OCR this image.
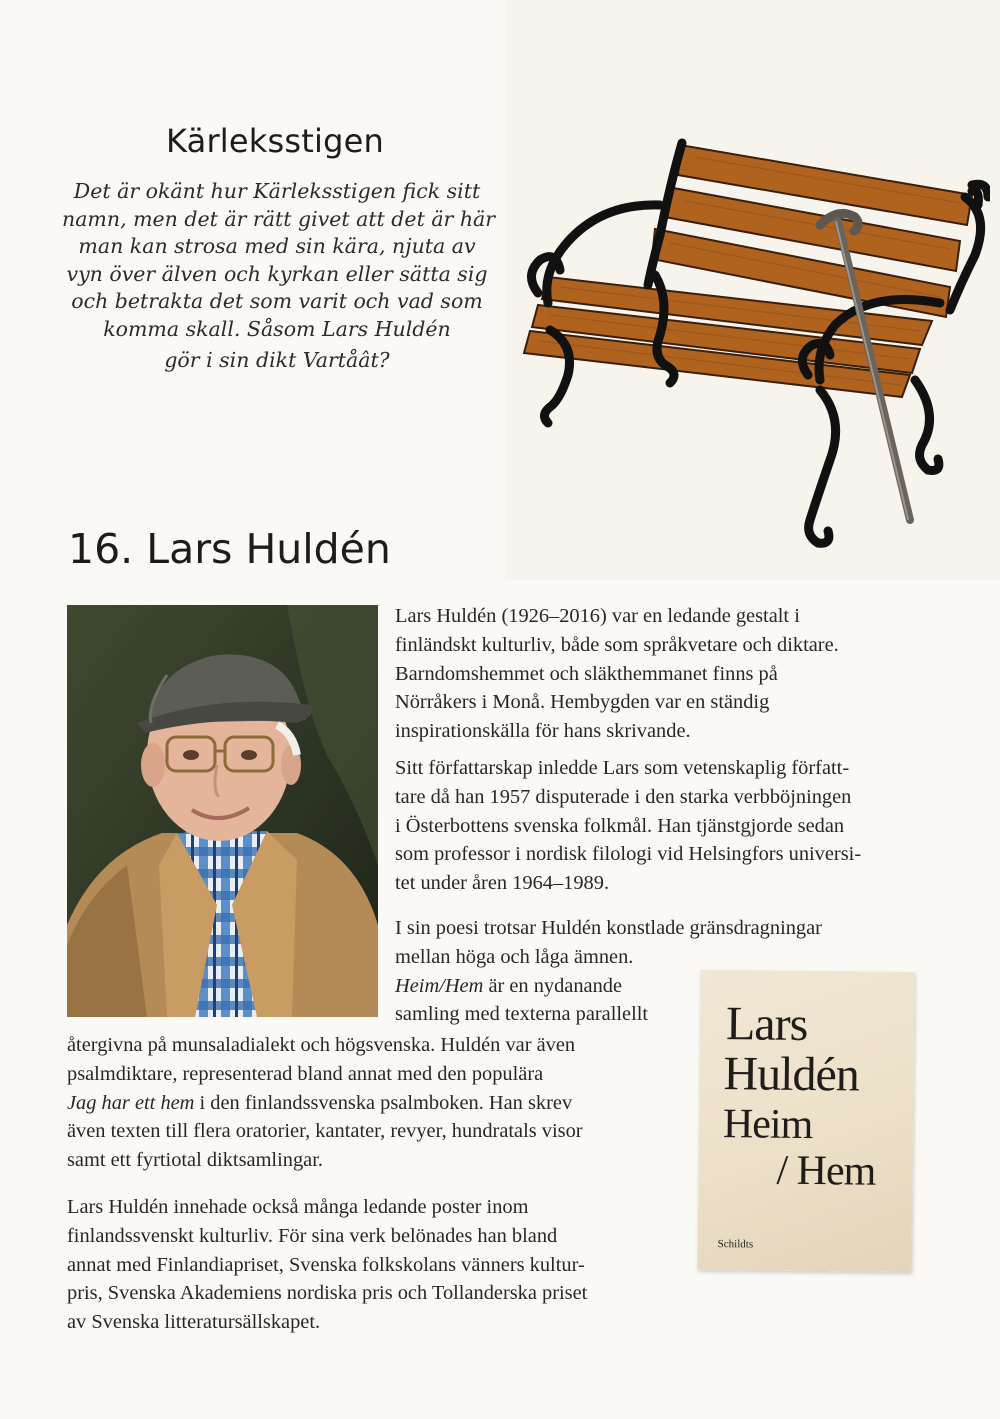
Kärleksstigen

Det är okänt hur Kärleksstigen fick sitt
namn, men det är rätt givet att det är här
man kan strosa med sin kära, njuta av
vyn över älven och kyrkan eller sätta sig
och betrakta det som varit och vad som
komma skall. Såsom Lars Huldén
gör i sin dikt Vartåât?

16. Lars Huldén

Lars Huldén (1926–2016) var en ledande gestalt i
finländskt kulturliv, både som språkvetare och diktare.
Barndomshemmet och släkthemmanet finns på
Nörråkers i Monå. Hembygden var en ständig
inspirationskälla för hans skrivande.

Sitt författarskap inledde Lars som vetenskaplig författ-
tare då han 1957 disputerade i den starka verbböjningen
i Österbottens svenska folkmål. Han tjänstgjorde sedan
som professor i nordisk filologi vid Helsingfors universi-
tet under åren 1964–1989.

I sin poesi trotsar Huldén konstlade gränsdragningar
mellan höga och låga ämnen.
Heim/Hem är en nydanande
samling med texterna parallellt

återgivna på munsaladialekt och högsvenska. Huldén var även
psalmdiktare, representerad bland annat med den populära
Jag har ett hem i den finlandssvenska psalmboken. Han skrev
även texten till flera oratorier, kantater, revyer, hundratals visor
samt ett fyrtiotal diktsamlingar.

Lars Huldén innehade också många ledande poster inom
finlandssvenskt kulturliv. För sina verk belönades han bland
annat med Finlandiapriset, Svenska folkskolans vänners kultur-
pris, Svenska Akademiens nordiska pris och Tollanderska priset
av Svenska litteratursällskapet.

Lars
Huldén
Heim
/ Hem
Schildts
